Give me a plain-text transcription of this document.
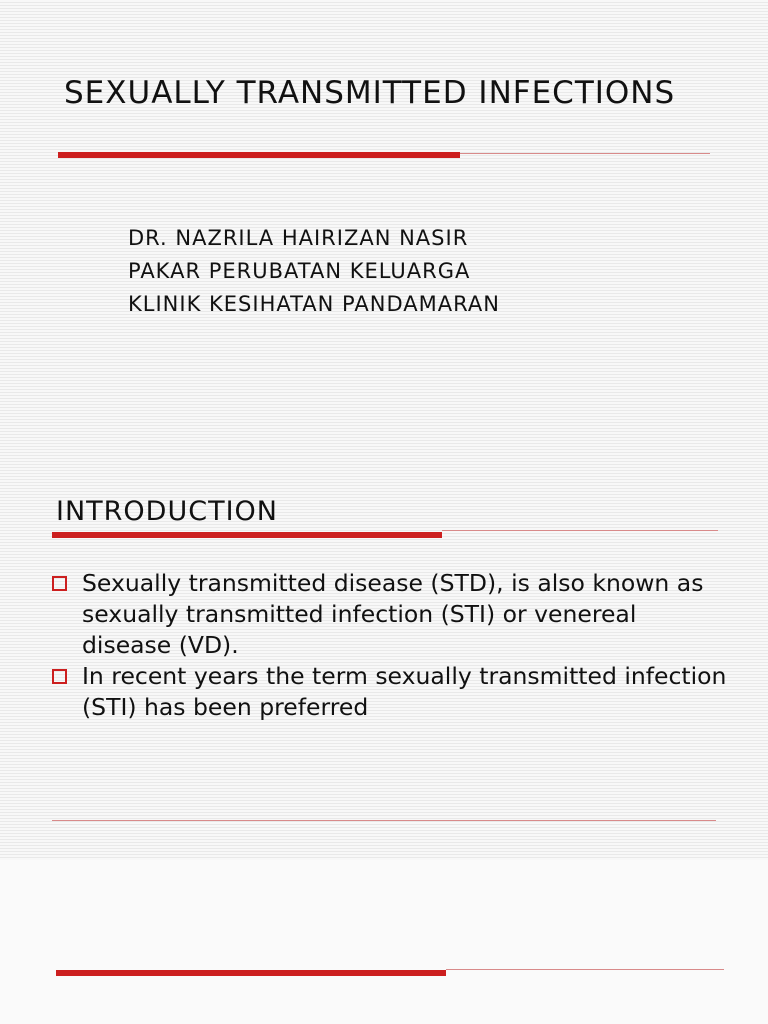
SEXUALLY TRANSMITTED INFECTIONS
DR. NAZRILA HAIRIZAN NASIR
PAKAR PERUBATAN KELUARGA
KLINIK KESIHATAN PANDAMARAN
INTRODUCTION
Sexually transmitted disease (STD), is also known as sexually transmitted infection (STI) or venereal disease (VD).
In recent years the term sexually transmitted infection (STI) has been preferred
